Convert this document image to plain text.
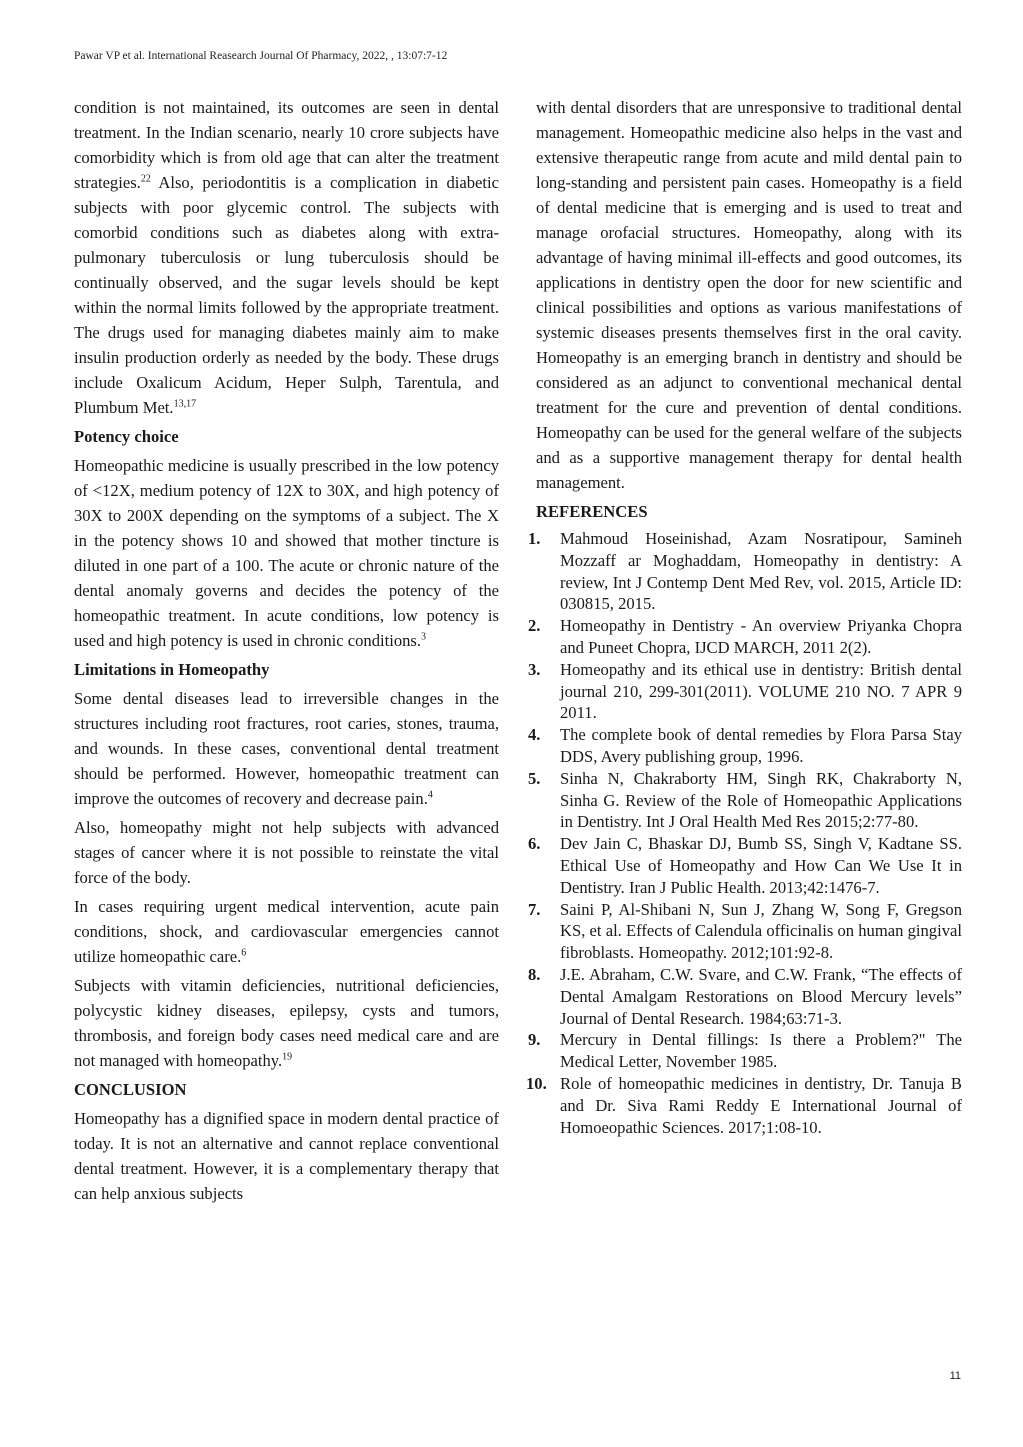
Pawar VP et al. International Reasearch Journal Of Pharmacy, 2022, , 13:07:7-12

condition is not maintained, its outcomes are seen in dental treatment. In the Indian scenario, nearly 10 crore subjects have comorbidity which is from old age that can alter the treatment strategies.$^{22}$ Also, periodontitis is a complication in diabetic subjects with poor glycemic control. The subjects with comorbid conditions such as diabetes along with extra-pulmonary tuberculosis or lung tuberculosis should be continually observed, and the sugar levels should be kept within the normal limits followed by the appropriate treatment. The drugs used for managing diabetes mainly aim to make insulin production orderly as needed by the body. These drugs include Oxalicum Acidum, Heper Sulph, Tarentula, and Plumbum Met.$^{13,17}$

Potency choice

Homeopathic medicine is usually prescribed in the low potency of <12X, medium potency of 12X to 30X, and high potency of 30X to 200X depending on the symptoms of a subject. The X in the potency shows 10 and showed that mother tincture is diluted in one part of a 100. The acute or chronic nature of the dental anomaly governs and decides the potency of the homeopathic treatment. In acute conditions, low potency is used and high potency is used in chronic conditions.$^3$

Limitations in Homeopathy

Some dental diseases lead to irreversible changes in the structures including root fractures, root caries, stones, trauma, and wounds. In these cases, conventional dental treatment should be performed. However, homeopathic treatment can improve the outcomes of recovery and decrease pain.$^4$

Also, homeopathy might not help subjects with advanced stages of cancer where it is not possible to reinstate the vital force of the body.

In cases requiring urgent medical intervention, acute pain conditions, shock, and cardiovascular emergencies cannot utilize homeopathic care.$^6$

Subjects with vitamin deficiencies, nutritional deficiencies, polycystic kidney diseases, epilepsy, cysts and tumors, thrombosis, and foreign body cases need medical care and are not managed with homeopathy.$^{19}$

CONCLUSION

Homeopathy has a dignified space in modern dental practice of today. It is not an alternative and cannot replace conventional dental treatment. However, it is a complementary therapy that can help anxious subjects

with dental disorders that are unresponsive to traditional dental management. Homeopathic medicine also helps in the vast and extensive therapeutic range from acute and mild dental pain to long-standing and persistent pain cases. Homeopathy is a field of dental medicine that is emerging and is used to treat and manage orofacial structures. Homeopathy, along with its advantage of having minimal ill-effects and good outcomes, its applications in dentistry open the door for new scientific and clinical possibilities and options as various manifestations of systemic diseases presents themselves first in the oral cavity. Homeopathy is an emerging branch in dentistry and should be considered as an adjunct to conventional mechanical dental treatment for the cure and prevention of dental conditions. Homeopathy can be used for the general welfare of the subjects and as a supportive management therapy for dental health management.

REFERENCES
1.	Mahmoud Hoseinishad, Azam Nosratipour, Samineh Mozzaff ar Moghaddam, Homeopathy in dentistry: A review, Int J Contemp Dent Med Rev, vol. 2015, Article ID: 030815, 2015.
2.	Homeopathy in Dentistry - An overview Priyanka Chopra and Puneet Chopra, IJCD MARCH, 2011 2(2).
3.	Homeopathy and its ethical use in dentistry: British dental journal 210, 299-301(2011). VOLUME 210 NO. 7 APR 9 2011.
4.	The complete book of dental remedies by Flora Parsa Stay DDS, Avery publishing group, 1996.
5.	Sinha N, Chakraborty HM, Singh RK, Chakraborty N, Sinha G. Review of the Role of Homeopathic Applications in Dentistry. Int J Oral Health Med Res 2015;2:77-80.
6.	Dev Jain C, Bhaskar DJ, Bumb SS, Singh V, Kadtane SS. Ethical Use of Homeopathy and How Can We Use It in Dentistry. Iran J Public Health. 2013;42:1476-7.
7.	Saini P, Al-Shibani N, Sun J, Zhang W, Song F, Gregson KS, et al. Effects of Calendula officinalis on human gingival fibroblasts. Homeopathy. 2012;101:92-8.
8.	J.E. Abraham, C.W. Svare, and C.W. Frank, “The effects of Dental Amalgam Restorations on Blood Mercury levels” Journal of Dental Research. 1984;63:71-3.
9.	Mercury in Dental fillings: Is there a Problem?" The Medical Letter, November 1985.
10. Role of homeopathic medicines in dentistry, Dr. Tanuja B and Dr. Siva Rami Reddy E International Journal of Homoeopathic Sciences. 2017;1:08-10.
11
